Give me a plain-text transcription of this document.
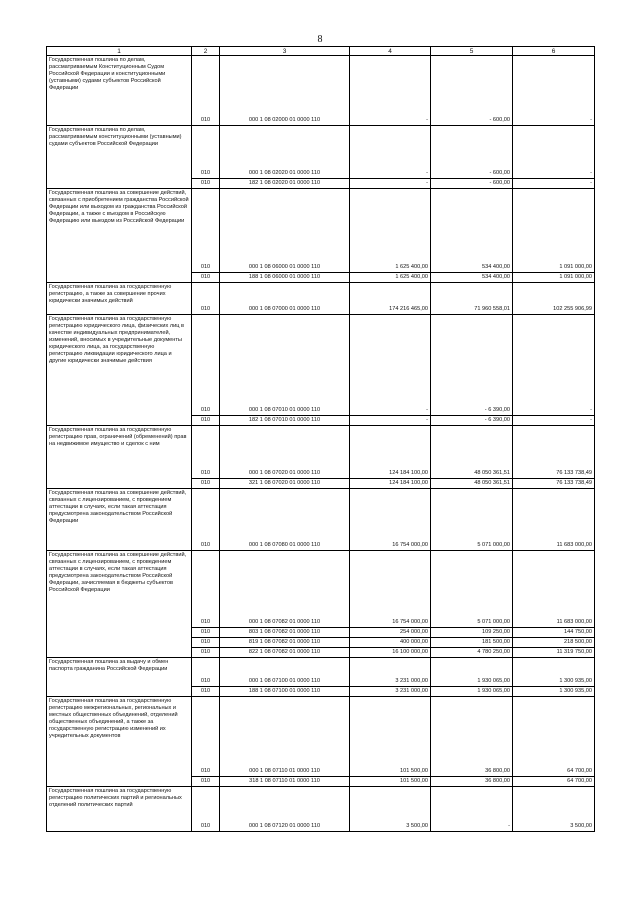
8
1	2	3	4	5	6
Государственная пошлина по делам, рассматриваемым Конституционным Судом Российской Федерации и конституционными (уставными) судами субъектов Российской Федерации	010	000 1 08 02000 01 0000 110	-	- 600,00	-
Государственная пошлина по делам, рассматриваемым конституционными (уставными) судами субъектов Российской Федерации	010	000 1 08 02020 01 0000 110	-	- 600,00	-
	010	182 1 08 02020 01 0000 110	-	- 600,00	-
Государственная пошлина за совершение действий, связанных с приобретением гражданства Российской Федерации или выходом из гражданства Российской Федерации, а также с въездом в Российскую Федерацию или выездом из Российской Федерации	010	000 1 08 06000 01 0000 110	1 625 400,00	534 400,00	1 091 000,00
	010	188 1 08 06000 01 0000 110	1 625 400,00	534 400,00	1 091 000,00
Государственная пошлина за государственную регистрацию, а также за совершение прочих юридически значимых действий	010	000 1 08 07000 01 0000 110	174 216 465,00	71 960 558,01	102 255 906,99
Государственная пошлина за государственную регистрацию юридического лица, физических лиц в качестве индивидуальных предпринимателей, изменений, вносимых в учредительные документы юридического лица, за государственную регистрацию ликвидации юридического лица и другие юридически значимые действия	010	000 1 08 07010 01 0000 110	-	- 6 390,00	-
	010	182 1 08 07010 01 0000 110	-	- 6 390,00	-
Государственная пошлина за государственную регистрацию прав, ограничений (обременений) прав на недвижимое имущество и сделок с ним	010	000 1 08 07020 01 0000 110	124 184 100,00	48 050 361,51	76 133 738,49
	010	321 1 08 07020 01 0000 110	124 184 100,00	48 050 361,51	76 133 738,49
Государственная пошлина за совершение действий, связанных с лицензированием, с проведением аттестации в случаях, если такая аттестация предусмотрена законодательством Российской Федерации	010	000 1 08 07080 01 0000 110	16 754 000,00	5 071 000,00	11 683 000,00
Государственная пошлина за совершение действий, связанных с лицензированием, с проведением аттестации в случаях, если такая аттестация предусмотрена законодательством Российской Федерации, зачисляемая в бюджеты субъектов Российской Федерации	010	000 1 08 07082 01 0000 110	16 754 000,00	5 071 000,00	11 683 000,00
	010	803 1 08 07082 01 0000 110	254 000,00	109 250,00	144 750,00
	010	819 1 08 07082 01 0000 110	400 000,00	181 500,00	218 500,00
	010	822 1 08 07082 01 0000 110	16 100 000,00	4 780 250,00	11 319 750,00
Государственная пошлина за выдачу и обмен паспорта гражданина Российской Федерации	010	000 1 08 07100 01 0000 110	3 231 000,00	1 930 065,00	1 300 935,00
	010	188 1 08 07100 01 0000 110	3 231 000,00	1 930 065,00	1 300 935,00
Государственная пошлина за государственную регистрацию межрегиональных, региональных и местных общественных объединений, отделений общественных объединений, а также за государственную регистрацию изменений их учредительных документов	010	000 1 08 07110 01 0000 110	101 500,00	36 800,00	64 700,00
	010	318 1 08 07110 01 0000 110	101 500,00	36 800,00	64 700,00
Государственная пошлина за государственную регистрацию политических партий и региональных отделений политических партий	010	000 1 08 07120 01 0000 110	3 500,00	-	3 500,00
